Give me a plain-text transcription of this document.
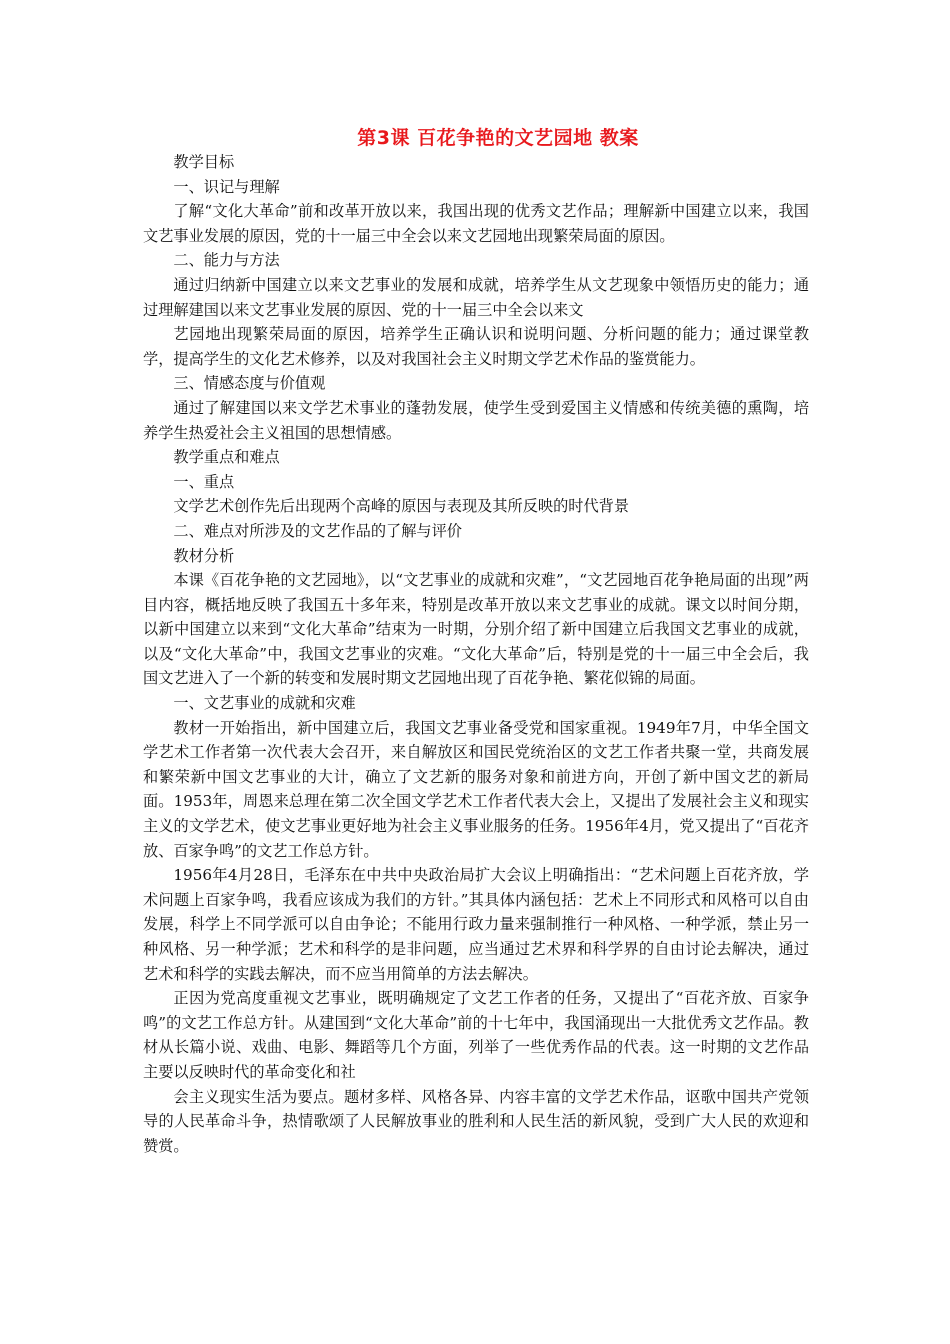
第3课 百花争艳的文艺园地 教案

教学目标

一、识记与理解

了解“文化大革命”前和改革开放以来，我国出现的优秀文艺作品；理解新中国建立以来，我国文艺事业发展的原因，党的十一届三中全会以来文艺园地出现繁荣局面的原因。

二、能力与方法

通过归纳新中国建立以来文艺事业的发展和成就，培养学生从文艺现象中领悟历史的能力；通过理解建国以来文艺事业发展的原因、党的十一届三中全会以来文

艺园地出现繁荣局面的原因，培养学生正确认识和说明问题、分析问题的能力；通过课堂教学，提高学生的文化艺术修养，以及对我国社会主义时期文学艺术作品的鉴赏能力。

三、情感态度与价值观

通过了解建国以来文学艺术事业的蓬勃发展，使学生受到爱国主义情感和传统美德的熏陶，培养学生热爱社会主义祖国的思想情感。

教学重点和难点

一、重点

文学艺术创作先后出现两个高峰的原因与表现及其所反映的时代背景

二、难点对所涉及的文艺作品的了解与评价

教材分析

本课《百花争艳的文艺园地》，以“文艺事业的成就和灾难”，“文艺园地百花争艳局面的出现”两目内容，概括地反映了我国五十多年来，特别是改革开放以来文艺事业的成就。课文以时间分期，以新中国建立以来到“文化大革命”结束为一时期，分别介绍了新中国建立后我国文艺事业的成就，以及“文化大革命”中，我国文艺事业的灾难。“文化大革命”后，特别是党的十一届三中全会后，我国文艺进入了一个新的转变和发展时期文艺园地出现了百花争艳、繁花似锦的局面。

一、文艺事业的成就和灾难

教材一开始指出，新中国建立后，我国文艺事业备受党和国家重视。1949年7月，中华全国文学艺术工作者第一次代表大会召开，来自解放区和国民党统治区的文艺工作者共聚一堂，共商发展和繁荣新中国文艺事业的大计，确立了文艺新的服务对象和前进方向，开创了新中国文艺的新局面。1953年，周恩来总理在第二次全国文学艺术工作者代表大会上，又提出了发展社会主义和现实主义的文学艺术，使文艺事业更好地为社会主义事业服务的任务。1956年4月，党又提出了“百花齐放、百家争鸣”的文艺工作总方针。

1956年4月28日，毛泽东在中共中央政治局扩大会议上明确指出：“艺术问题上百花齐放，学术问题上百家争鸣，我看应该成为我们的方针。”其具体内涵包括：艺术上不同形式和风格可以自由发展，科学上不同学派可以自由争论；不能用行政力量来强制推行一种风格、一种学派，禁止另一种风格、另一种学派；艺术和科学的是非问题，应当通过艺术界和科学界的自由讨论去解决，通过艺术和科学的实践去解决，而不应当用简单的方法去解决。

正因为党高度重视文艺事业，既明确规定了文艺工作者的任务，又提出了“百花齐放、百家争鸣”的文艺工作总方针。从建国到“文化大革命”前的十七年中，我国涌现出一大批优秀文艺作品。教材从长篇小说、戏曲、电影、舞蹈等几个方面，列举了一些优秀作品的代表。这一时期的文艺作品主要以反映时代的革命变化和社

会主义现实生活为要点。题材多样、风格各异、内容丰富的文学艺术作品，讴歌中国共产党领导的人民革命斗争，热情歌颂了人民解放事业的胜利和人民生活的新风貌，受到广大人民的欢迎和赞赏。
